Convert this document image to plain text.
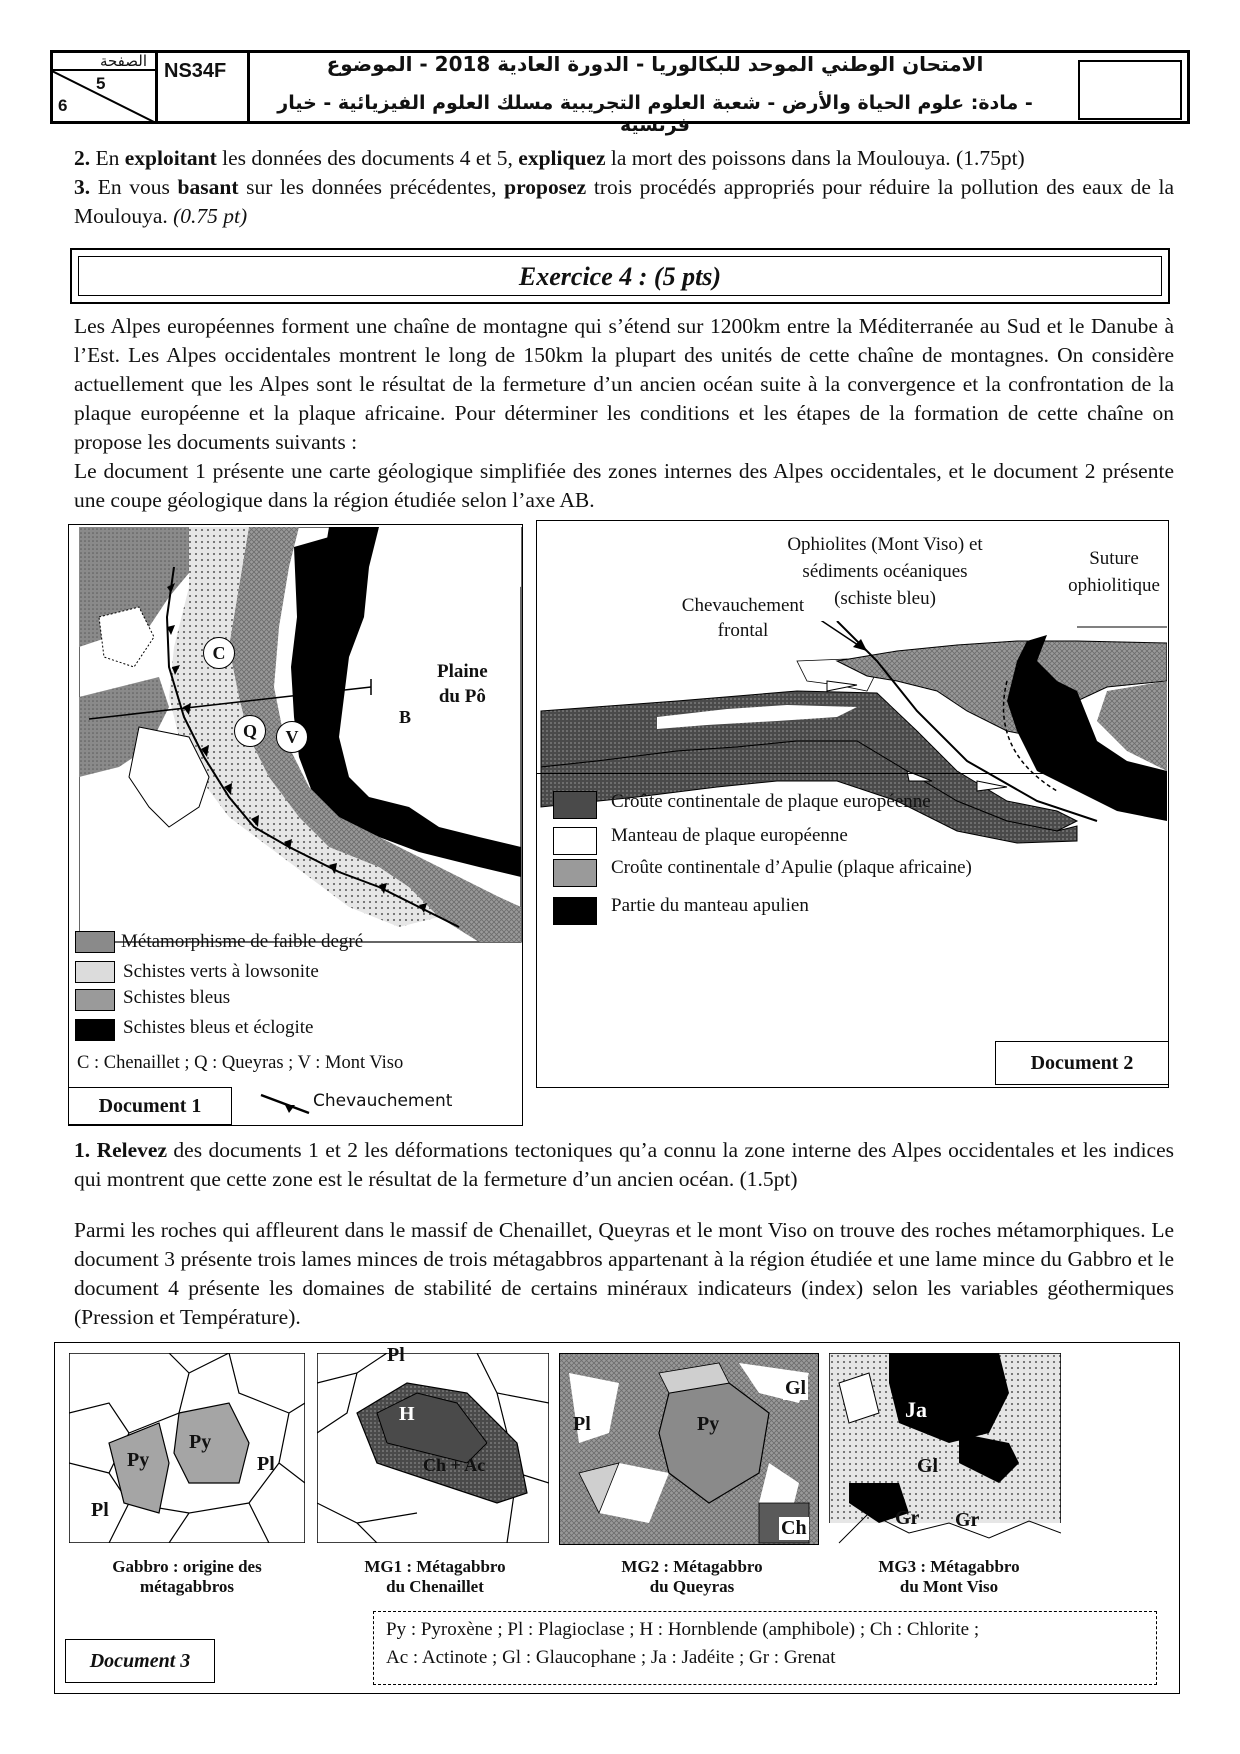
الصفحة
5
6
NS34F	الامتحان الوطني الموحد للبكالوريا - الدورة العادية 2018 - الموضوع
- مادة: علوم الحياة والأرض - شعبة العلوم التجريبية مسلك العلوم الفيزيائية - خيار فرنسية

2. En exploitant les données des documents 4 et 5, expliquez la mort des poissons dans la Moulouya. (1.75pt)

3. En vous basant sur les données précédentes, proposez trois procédés appropriés pour réduire la pollution des eaux de la Moulouya. (0.75 pt)

Exercice 4 : (5 pts)

Les Alpes européennes forment une chaîne de montagne qui s’étend sur 1200km entre la Méditerranée au Sud et le Danube à l’Est. Les Alpes occidentales montrent le long de 150km la plupart des unités de cette chaîne de montagnes. On considère actuellement que les Alpes sont le résultat de la fermeture d’un ancien océan suite à la convergence et la confrontation de la plaque européenne et la plaque africaine. Pour déterminer les conditions et les étapes de la formation de cette chaîne on propose les documents suivants :

Le document 1 présente une carte géologique simplifiée des zones internes des Alpes occidentales, et le document 2 présente une coupe géologique dans la région étudiée selon l’axe AB.

C
Q	V
B
Plaine
du Pô
Métamorphisme de faible degré
Schistes verts à lowsonite
Schistes bleus
Schistes bleus et éclogite
C : Chenaillet ; Q : Queyras ; V : Mont Viso
Document 1	Chevauchement
Ophiolites (Mont Viso) et
sédiments océaniques
(schiste bleu)
Suture
ophiolitique
Chevauchement
frontal
Croûte continentale de plaque européenne
Manteau de plaque européenne
Croûte continentale d’Apulie (plaque africaine)
Partie du manteau apulien
Document 2

1. Relevez des documents 1 et 2 les déformations tectoniques qu’a connu la zone interne des Alpes occidentales et les indices qui montrent que cette zone est le résultat de la fermeture d’un ancien océan. (1.5pt)

Parmi les roches qui affleurent dans le massif de Chenaillet, Queyras et le mont Viso on trouve des roches métamorphiques. Le document 3 présente trois lames minces de trois métagabbros appartenant à la région étudiée et une lame mince du Gabbro et le document 4 présente les domaines de stabilité de certains minéraux indicateurs (index) selon les variables géothermiques (Pression et Température).

Py
Py
Pl
Pl
Pl
H
Ch + Ac
Pl	Py
Gl
Ch
Ja
Gl
Gr Gr
Gabbro : origine des
métagabbros
MG1 : Métagabbro
du Chenaillet
MG2 : Métagabbro
du Queyras
MG3 : Métagabbro
du Mont Viso
Py : Pyroxène ; Pl : Plagioclase ; H : Hornblende (amphibole) ; Ch : Chlorite ;
Ac : Actinote ; Gl : Glaucophane ; Ja : Jadéite ; Gr : Grenat
Document 3
